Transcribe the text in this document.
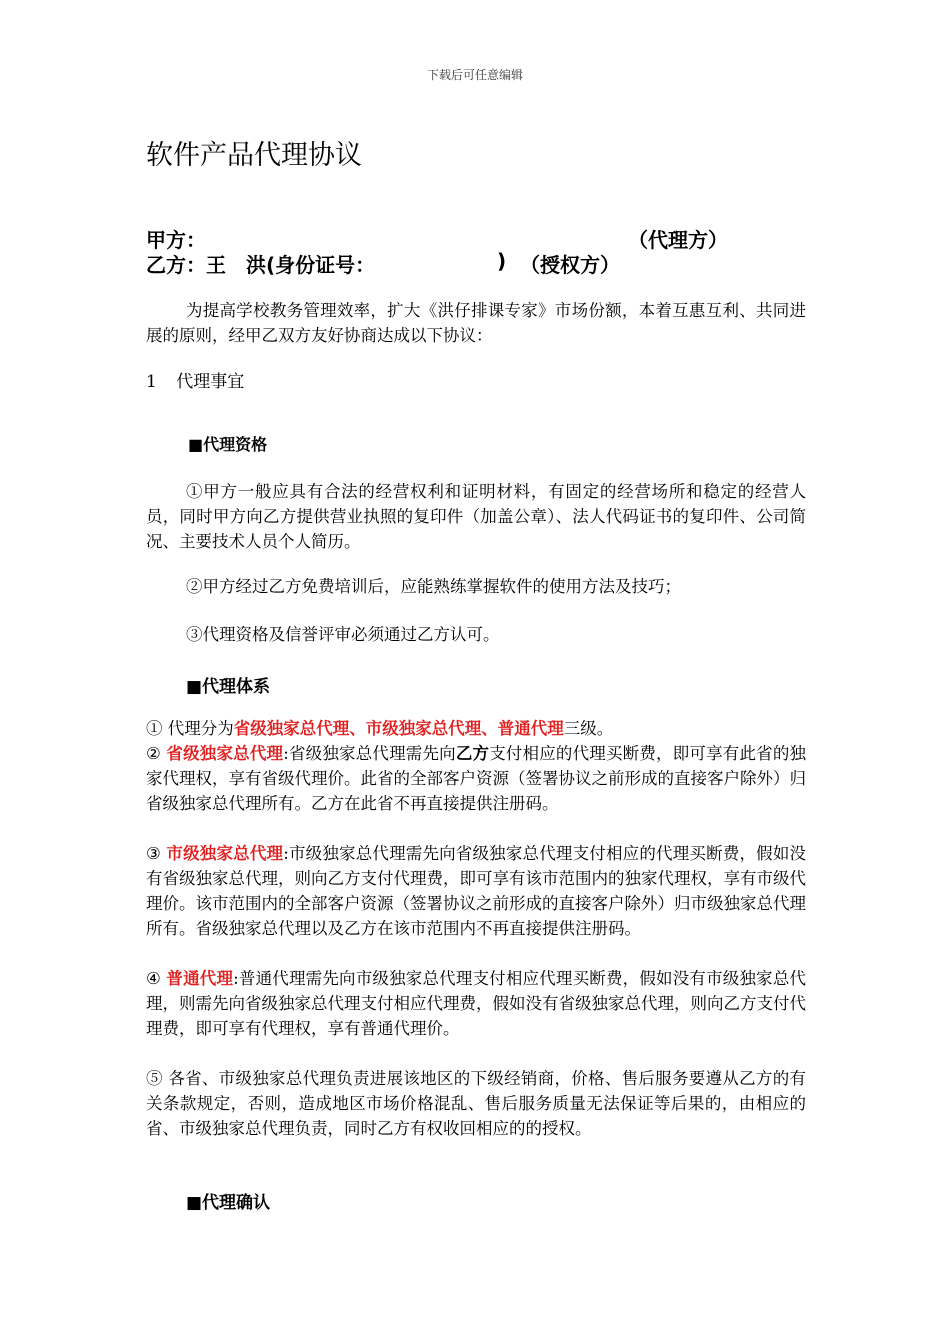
下载后可任意编辑
软件产品代理协议
甲方：	（代理方）
乙方：王　洪(身份证号：	) （授权方）
为提高学校教务管理效率，扩大《洪仔排课专家》市场份额，本着互惠互利、共同进展的原则，经甲乙双方友好协商达成以下协议：
1 代理事宜
■代理资格
①甲方一般应具有合法的经营权利和证明材料，有固定的经营场所和稳定的经营人员，同时甲方向乙方提供营业执照的复印件（加盖公章）、法人代码证书的复印件、公司简况、主要技术人员个人简历。
②甲方经过乙方免费培训后，应能熟练掌握软件的使用方法及技巧；
③代理资格及信誉评审必须通过乙方认可。
■代理体系
① 代理分为省级独家总代理、市级独家总代理、普通代理三级。
② 省级独家总代理:省级独家总代理需先向乙方支付相应的代理买断费，即可享有此省的独家代理权，享有省级代理价。此省的全部客户资源（签署协议之前形成的直接客户除外）归省级独家总代理所有。乙方在此省不再直接提供注册码。
③ 市级独家总代理:市级独家总代理需先向省级独家总代理支付相应的代理买断费，假如没有省级独家总代理，则向乙方支付代理费，即可享有该市范围内的独家代理权，享有市级代理价。该市范围内的全部客户资源（签署协议之前形成的直接客户除外）归市级独家总代理所有。省级独家总代理以及乙方在该市范围内不再直接提供注册码。
④ 普通代理:普通代理需先向市级独家总代理支付相应代理买断费，假如没有市级独家总代理，则需先向省级独家总代理支付相应代理费，假如没有省级独家总代理，则向乙方支付代理费，即可享有代理权，享有普通代理价。
⑤ 各省、市级独家总代理负责进展该地区的下级经销商，价格、售后服务要遵从乙方的有关条款规定，否则，造成地区市场价格混乱、售后服务质量无法保证等后果的，由相应的省、市级独家总代理负责，同时乙方有权收回相应的的授权。
■代理确认
